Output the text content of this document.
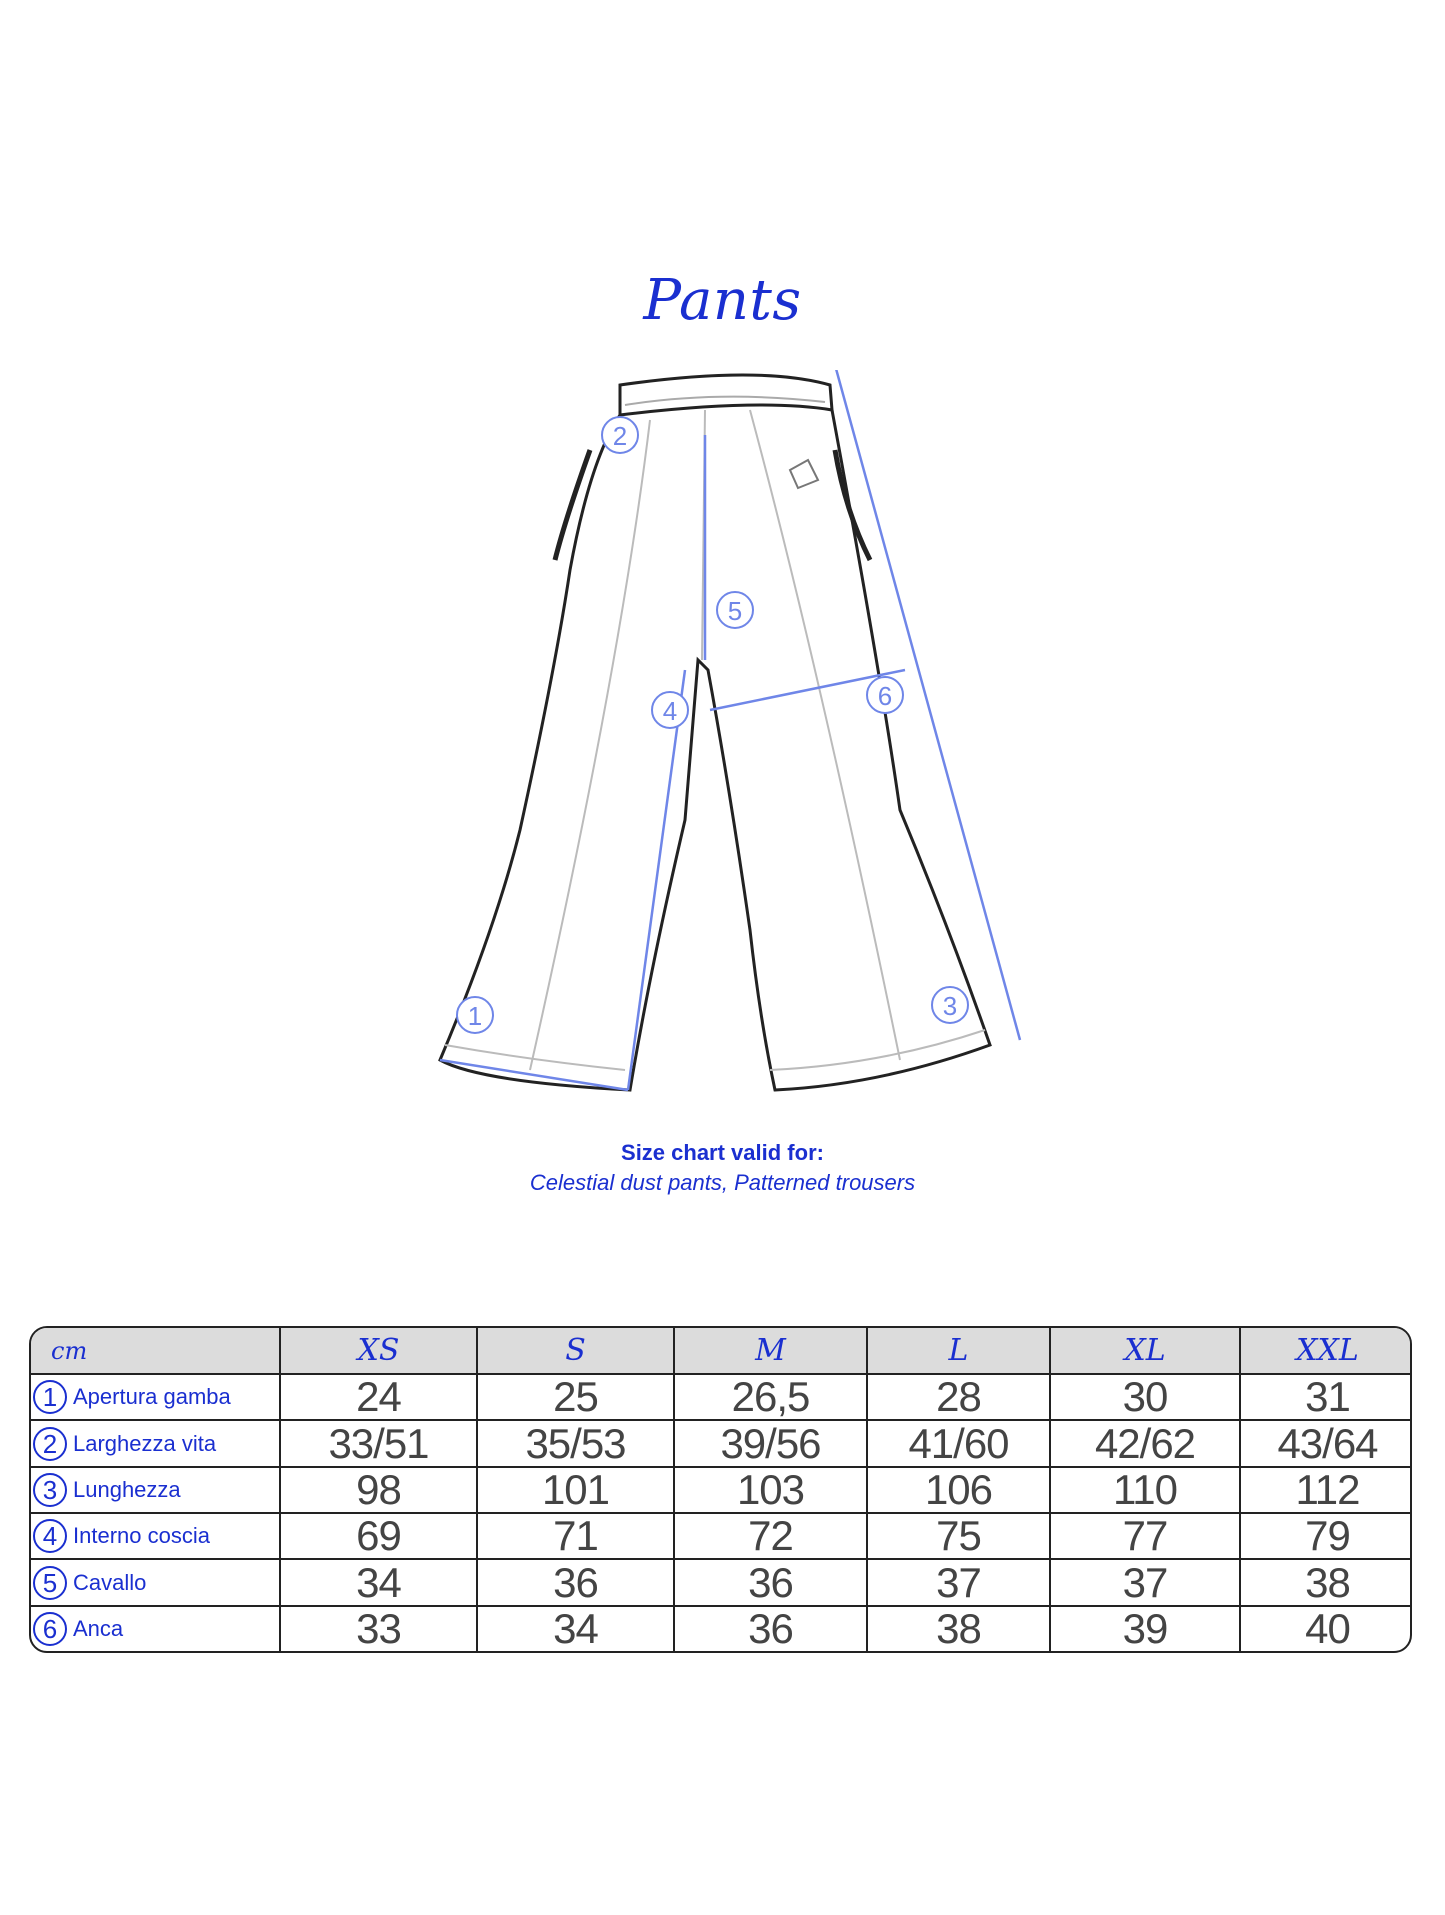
Pants
1
2
3
4
5
6
Size chart valid for:
Celestial dust pants, Patterned trousers
cm	XS	S	M	L	XL	XXL
1 Apertura gamba	24	25	26,5	28	30	31
2 Larghezza vita	33/51	35/53	39/56	41/60	42/62	43/64
3 Lunghezza	98	101	103	106	110	112
4 Interno coscia	69	71	72	75	77	79
5 Cavallo	34	36	36	37	37	38
6 Anca	33	34	36	38	39	40
